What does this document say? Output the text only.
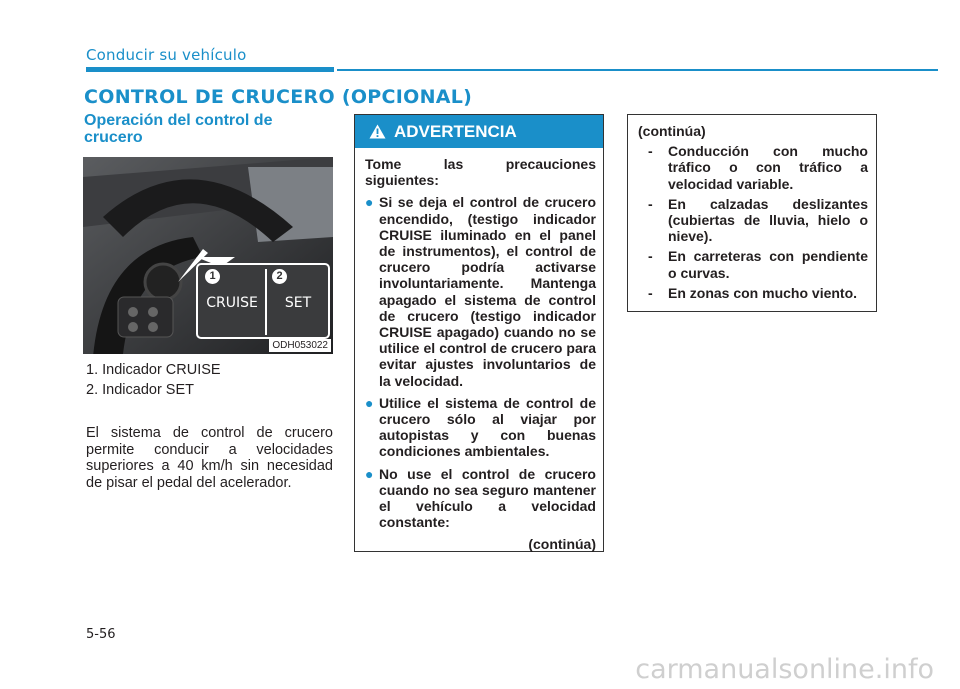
Conducir su vehículo
CONTROL DE CRUCERO (OPCIONAL)
Operación del control de crucero
1	2
CRUISE	SET
ODH053022
1. Indicador CRUISE
2. Indicador SET
El sistema de control de crucero permite conducir a velocidades superiores a 40 km/h sin necesidad de pisar el pedal del acelerador.
ADVERTENCIA
Tome las precauciones siguientes:
● Si se deja el control de crucero encendido, (testigo indicador CRUISE iluminado en el panel de instrumentos), el control de crucero podría activarse involuntariamente. Mantenga apagado el sistema de control de crucero (testigo indicador CRUISE apagado) cuando no se utilice el control de crucero para evitar ajustes involuntarios de la velocidad.
● Utilice el sistema de control de crucero sólo al viajar por autopistas y con buenas condiciones ambientales.
● No use el control de crucero cuando no sea seguro mantener el vehículo a velocidad constante:
(continúa)
(continúa)
-	Conducción con mucho tráfico o con tráfico a velocidad variable.
-	En calzadas deslizantes (cubiertas de lluvia, hielo o nieve).
-	En carreteras con pendiente o curvas.
-	En zonas con mucho viento.
5-56
carmanualsonline.info
